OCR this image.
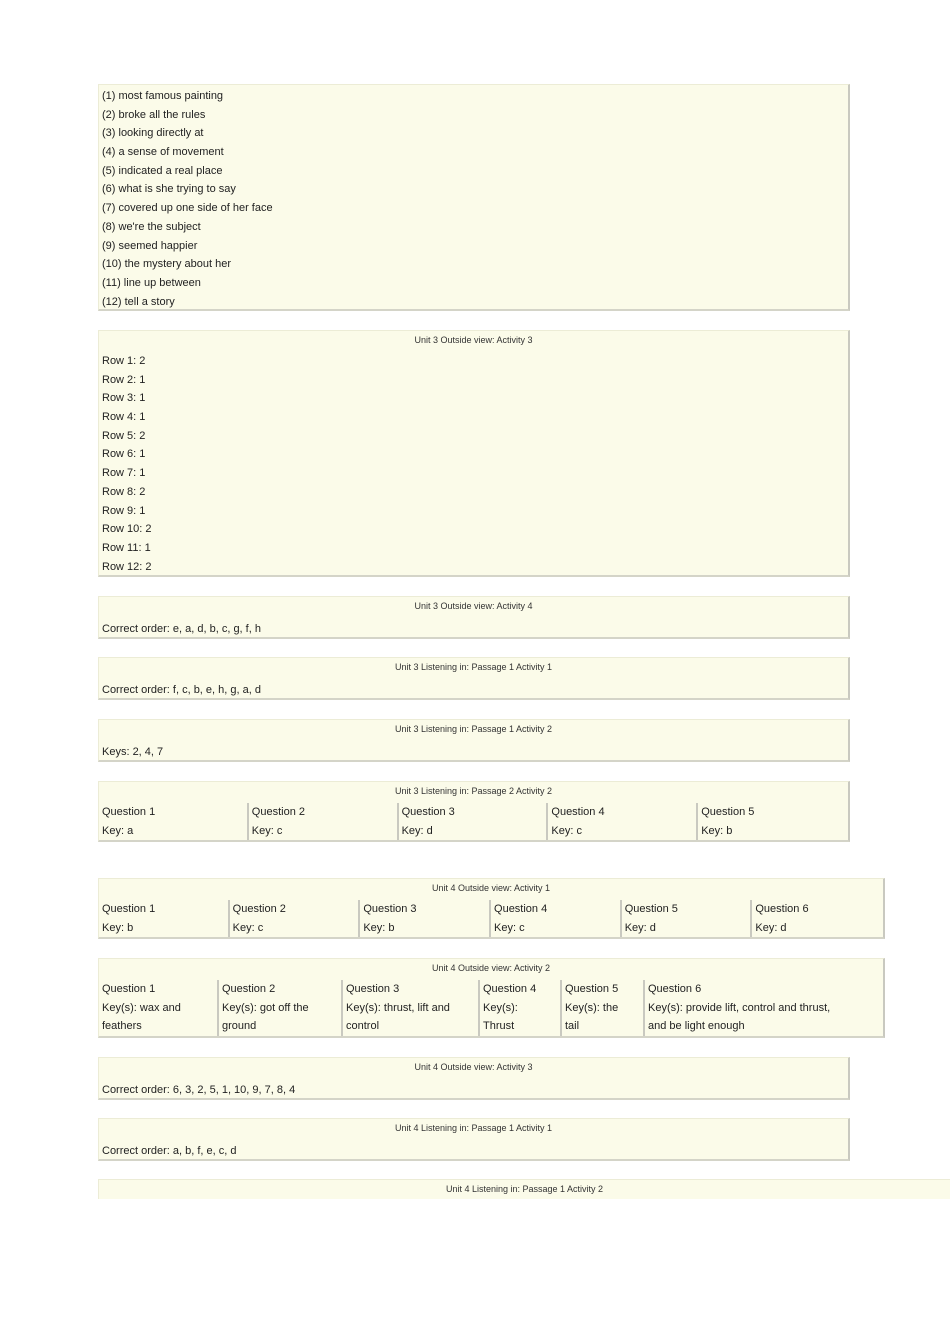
(1) most famous painting
(2) broke all the rules
(3) looking directly at
(4) a sense of movement
(5) indicated a real place
(6) what is she trying to say
(7) covered up one side of her face
(8) we're the subject
(9) seemed happier
(10) the mystery about her
(11) line up between
(12) tell a story
Unit 3 Outside view: Activity 3
Row 1: 2
Row 2: 1
Row 3: 1
Row 4: 1
Row 5: 2
Row 6: 1
Row 7: 1
Row 8: 2
Row 9: 1
Row 10: 2
Row 11: 1
Row 12: 2
Unit 3 Outside view: Activity 4
Correct order: e, a, d, b, c, g, f, h
Unit 3 Listening in: Passage 1 Activity 1
Correct order: f, c, b, e, h, g, a, d
Unit 3 Listening in: Passage 1 Activity 2
Keys: 2, 4, 7
Unit 3 Listening in: Passage 2 Activity 2
Question 1
Key: a
Question 2
Key: c
Question 3
Key: d
Question 4
Key: c
Question 5
Key: b
Unit 4 Outside view: Activity 1
Question 1
Key: b
Question 2
Key: c
Question 3
Key: b
Question 4
Key: c
Question 5
Key: d
Question 6
Key: d
Unit 4 Outside view: Activity 2
Question 1
Key(s): wax and
feathers
Question 2
Key(s): got off the
ground
Question 3
Key(s): thrust, lift and
control
Question 4
Key(s):
Thrust
Question 5
Key(s): the
tail
Question 6
Key(s): provide lift, control and thrust,
and be light enough
Unit 4 Outside view: Activity 3
Correct order: 6, 3, 2, 5, 1, 10, 9, 7, 8, 4
Unit 4 Listening in: Passage 1 Activity 1
Correct order: a, b, f, e, c, d
Unit 4 Listening in: Passage 1 Activity 2
